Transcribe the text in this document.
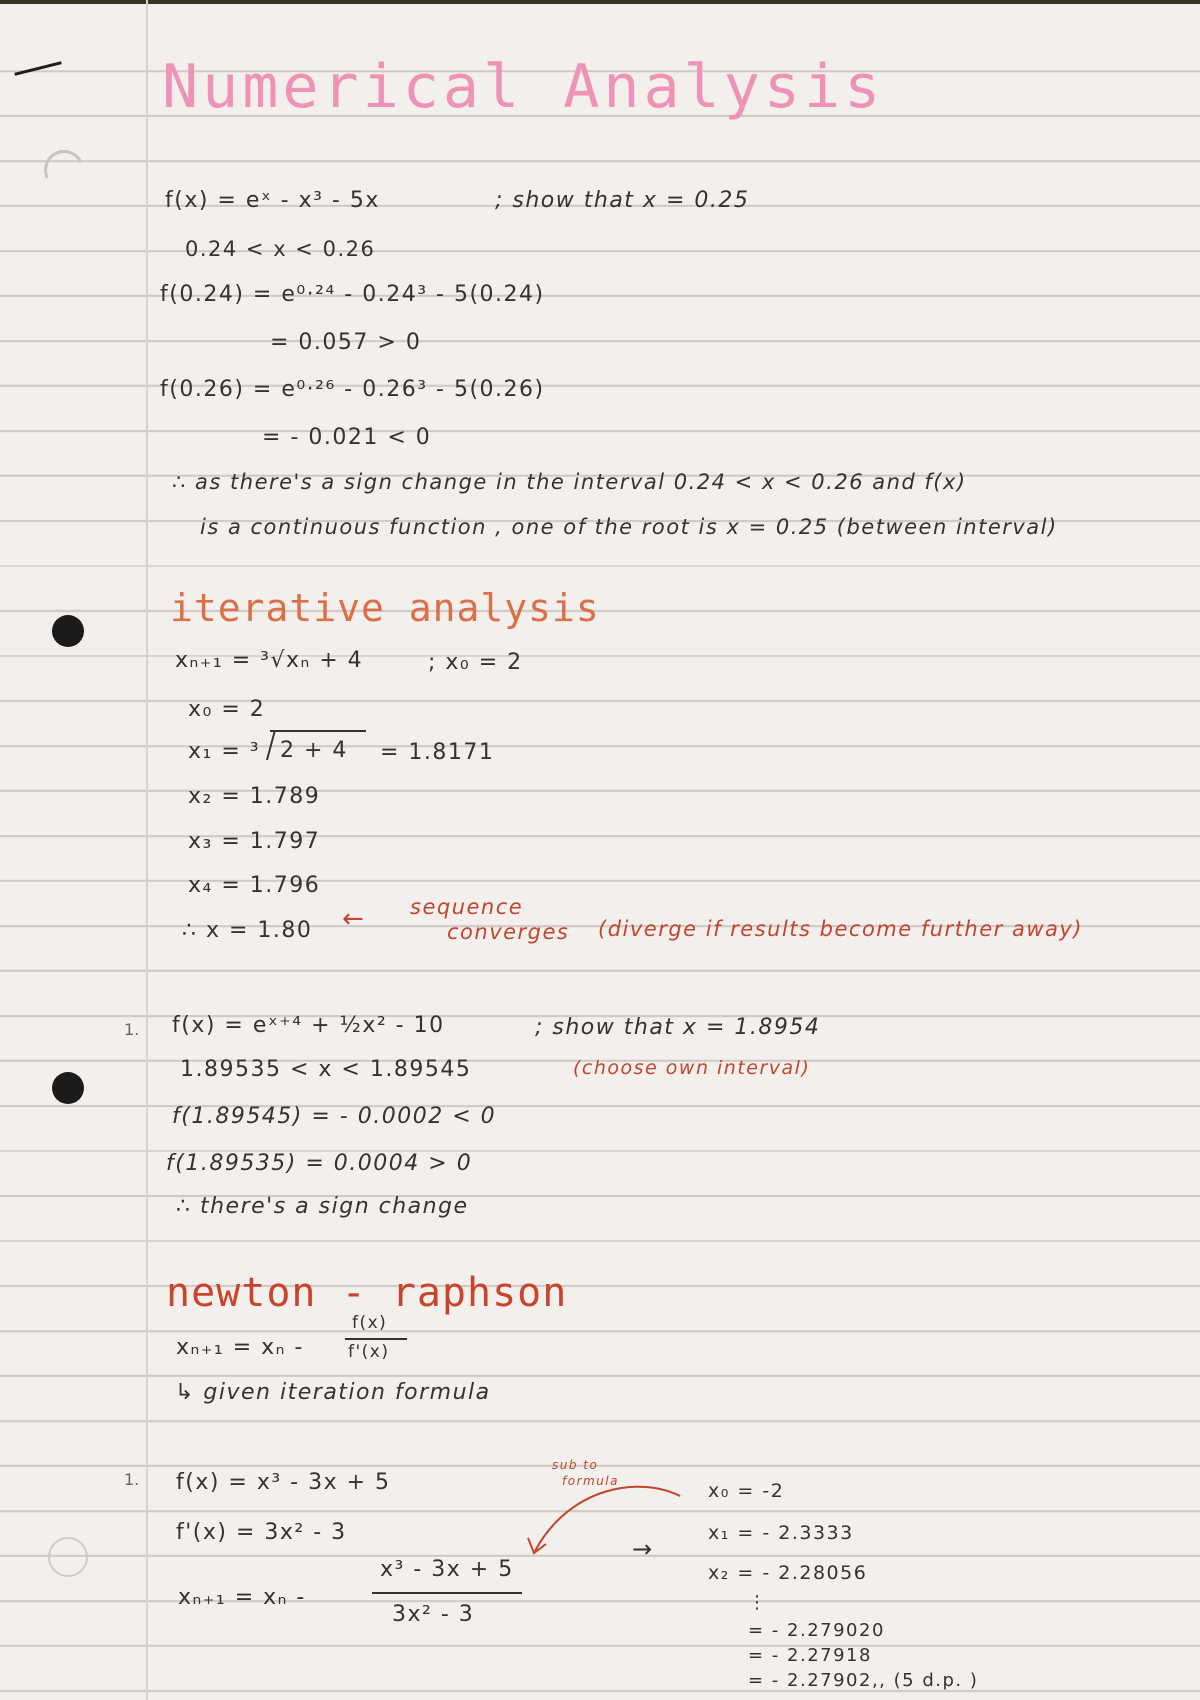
Numerical Analysis
f(x) = eˣ - x³ - 5x	; show that x = 0.25
0.24 < x < 0.26
f(0.24) = e⁰·²⁴ - 0.24³ - 5(0.24)
= 0.057 > 0
f(0.26) = e⁰·²⁶ - 0.26³ - 5(0.26)
= - 0.021 < 0
∴ as there's a sign change in the interval 0.24 < x < 0.26 and f(x)
is a continuous function , one of the root is x = 0.25 (between interval)
iterative analysis
xₙ₊₁ = ³√xₙ + 4	; x₀ = 2
x₀ = 2
x₁ = ³ 2 + 4 = 1.8171
x₂ = 1.789
x₃ = 1.797
x₄ = 1.796
∴ x = 1.80 ← sequence
converges (diverge if results become further away)
1. f(x) = eˣ⁺⁴ + ½x² - 10	; show that x = 1.8954
1.89535 < x < 1.89545	(choose own interval)
f(1.89545) = - 0.0002 < 0
f(1.89535) = 0.0004 > 0
∴ there's a sign change
newton - raphson
xₙ₊₁ = xₙ -
f(x)
f'(x)
↳ given iteration formula
1. f(x) = x³ - 3x + 5
f'(x) = 3x² - 3
xₙ₊₁ = xₙ -
x³ - 3x + 5
3x² - 3
sub to
formula
→
x₀ = -2
x₁ = - 2.3333
x₂ = - 2.28056
⋮
= - 2.279020
= - 2.27918
= - 2.27902,, (5 d.p. )
